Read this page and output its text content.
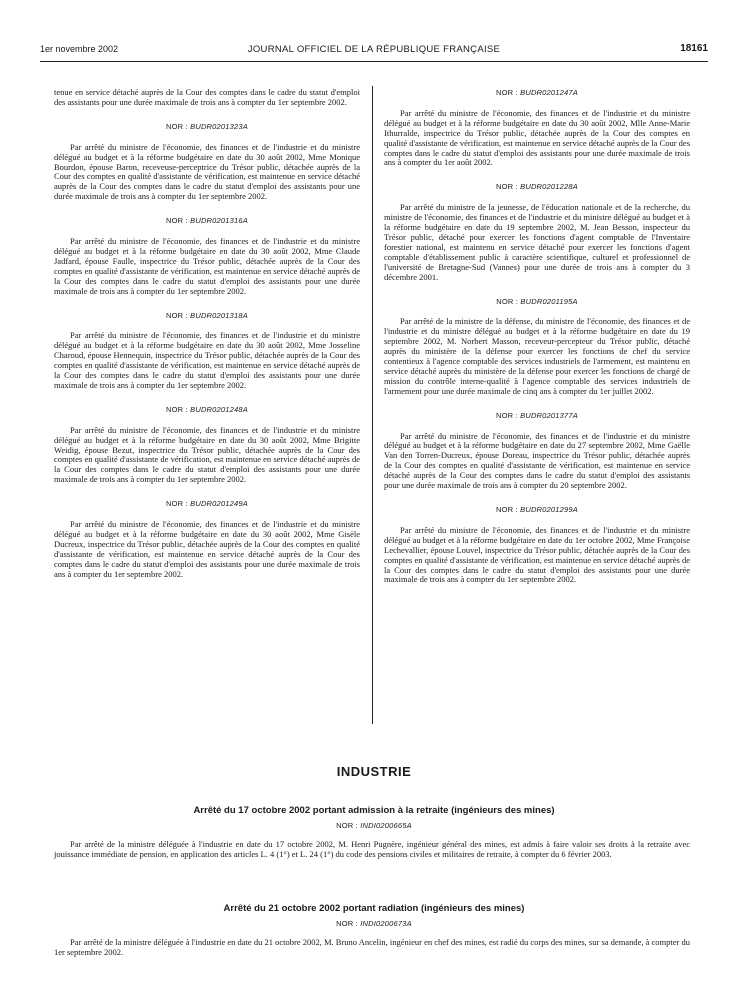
1er novembre 2002	JOURNAL OFFICIEL DE LA RÉPUBLIQUE FRANÇAISE	18161

tenue en service détaché auprès de la Cour des comptes dans le cadre du statut d'emploi des assistants pour une durée maximale de trois ans à compter du 1er septembre 2002.

NOR : BUDR0201323A

Par arrêté du ministre de l'économie, des finances et de l'industrie et du ministre délégué au budget et à la réforme budgétaire en date du 30 août 2002, Mme Monique Bourdon, épouse Baron, receveuse-perceptrice du Trésor public, détachée auprès de la Cour des comptes en qualité d'assistante de vérification, est maintenue en service détaché auprès de la Cour des comptes dans le cadre du statut d'emploi des assistants pour une durée maximale de trois ans à compter du 1er septembre 2002.

NOR : BUDR0201316A

Par arrêté du ministre de l'économie, des finances et de l'industrie et du ministre délégué au budget et à la réforme budgétaire en date du 30 août 2002, Mme Claude Jadfard, épouse Faulle, inspectrice du Trésor public, détachée auprès de la Cour des comptes en qualité d'assistante de vérification, est maintenue en service détaché auprès de la Cour des comptes dans le cadre du statut d'emploi des assistants pour une durée maximale de trois ans à compter du 1er septembre 2002.

NOR : BUDR0201318A

Par arrêté du ministre de l'économie, des finances et de l'industrie et du ministre délégué au budget et à la réforme budgétaire en date du 30 août 2002, Mme Josseline Charoud, épouse Hennequin, inspectrice du Trésor public, détachée auprès de la Cour des comptes en qualité d'assistante de vérification, est maintenue en service détaché auprès de la Cour des comptes dans le cadre du statut d'emploi des assistants pour une durée maximale de trois ans à compter du 1er septembre 2002.

NOR : BUDR0201248A

Par arrêté du ministre de l'économie, des finances et de l'industrie et du ministre délégué au budget et à la réforme budgétaire en date du 30 août 2002, Mme Brigitte Weidig, épouse Bezut, inspectrice du Trésor public, détachée auprès de la Cour des comptes en qualité d'assistante de vérification, est maintenue en service détaché auprès de la Cour des comptes dans le cadre du statut d'emploi des assistants pour une durée maximale de trois ans à compter du 1er septembre 2002.

NOR : BUDR0201249A

Par arrêté du ministre de l'économie, des finances et de l'industrie et du ministre délégué au budget et à la réforme budgétaire en date du 30 août 2002, Mme Gisèle Ducreux, inspectrice du Trésor public, détachée auprès de la Cour des comptes en qualité d'assistante de vérification, est maintenue en service détaché auprès de la Cour des comptes dans le cadre du statut d'emploi des assistants pour une durée maximale de trois ans à compter du 1er septembre 2002.

NOR : BUDR0201247A

Par arrêté du ministre de l'économie, des finances et de l'industrie et du ministre délégué au budget et à la réforme budgétaire en date du 30 août 2002, Mlle Anne-Marie Ithurralde, inspectrice du Trésor public, détachée auprès de la Cour des comptes en qualité d'assistante de vérification, est maintenue en service détaché auprès de la Cour des comptes dans le cadre du statut d'emploi des assistants pour une durée maximale de trois ans à compter du 1er août 2002.

NOR : BUDR0201228A

Par arrêté du ministre de la jeunesse, de l'éducation nationale et de la recherche, du ministre de l'économie, des finances et de l'industrie et du ministre délégué au budget et à la réforme budgétaire en date du 19 septembre 2002, M. Jean Besson, inspecteur du Trésor public, détaché pour exercer les fonctions d'agent comptable de l'Inventaire forestier national, est maintenu en service détaché pour exercer les fonctions d'agent comptable d'établissement public à caractère scientifique, culturel et professionnel de l'université de Bretagne-Sud (Vannes) pour une durée de trois ans à compter du 3 décembre 2001.

NOR : BUDR0201195A

Par arrêté de la ministre de la défense, du ministre de l'économie, des finances et de l'industrie et du ministre délégué au budget et à la réforme budgétaire en date du 19 septembre 2002, M. Norbert Masson, receveur-percepteur du Trésor public, détaché auprès du ministère de la défense pour exercer les fonctions de chef du service contentieux à l'agence comptable des services industriels de l'armement, est maintenu en service détaché auprès du ministère de la défense pour exercer les fonctions de chargé de mission du contrôle interne-qualité à l'agence comptable des services industriels de l'armement pour une durée maximale de cinq ans à compter du 1er juillet 2002.

NOR : BUDR0201377A

Par arrêté du ministre de l'économie, des finances et de l'industrie et du ministre délégué au budget et à la réforme budgétaire en date du 27 septembre 2002, Mme Gaëlle Van den Torren-Ducreux, épouse Doreau, inspectrice du Trésor public, détachée auprès de la Cour des comptes en qualité d'assistante de vérification, est maintenue en service détaché auprès de la Cour des comptes dans le cadre du statut d'emploi des assistants pour une durée maximale de trois ans à compter du 20 septembre 2002.

NOR : BUDR0201299A

Par arrêté du ministre de l'économie, des finances et de l'industrie et du ministre délégué au budget et à la réforme budgétaire en date du 1er octobre 2002, Mme Françoise Lechevallier, épouse Louvel, inspectrice du Trésor public, détachée auprès de la Cour des comptes en qualité d'assistante de vérification, est maintenue en service détaché auprès de la Cour des comptes dans le cadre du statut d'emploi des assistants pour une durée maximale de trois ans à compter du 1er septembre 2002.

INDUSTRIE
Arrêté du 17 octobre 2002 portant admission à la retraite (ingénieurs des mines)
NOR : INDI0200665A

Par arrêté de la ministre déléguée à l'industrie en date du 17 octobre 2002, M. Henri Pugnère, ingénieur général des mines, est admis à faire valoir ses droits à la retraite avec jouissance immédiate de pension, en application des articles L. 4 (1°) et L. 24 (1°) du code des pensions civiles et militaires de retraite, à compter du 6 février 2003.

Arrêté du 21 octobre 2002 portant radiation (ingénieurs des mines)
NOR : INDI0200673A

Par arrêté de la ministre déléguée à l'industrie en date du 21 octobre 2002, M. Bruno Ancelin, ingénieur en chef des mines, est radié du corps des mines, sur sa demande, à compter du 1er septembre 2002.
